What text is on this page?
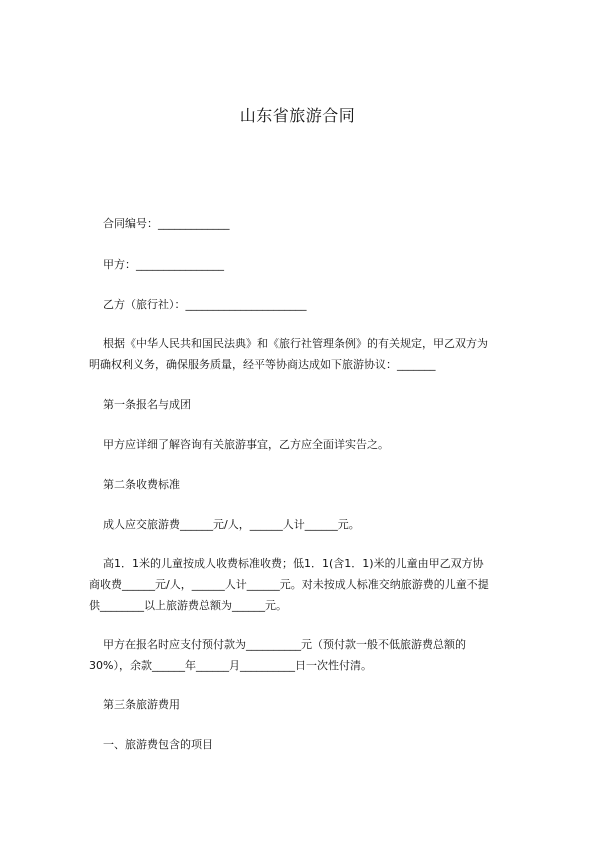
山东省旅游合同

合同编号：_____________

甲方：________________

乙方（旅行社）：______________________

根据《中华人民共和国民法典》和《旅行社管理条例》的有关规定，甲乙双方为
明确权利义务，确保服务质量，经平等协商达成如下旅游协议：_______

第一条报名与成团

甲方应详细了解咨询有关旅游事宜，乙方应全面详实告之。

第二条收费标准

成人应交旅游费______元/人，______人计______元。

高1．1米的儿童按成人收费标准收费；低1．1(含1．1)米的儿童由甲乙双方协
商收费______元/人，______人计______元。对未按成人标准交纳旅游费的儿童不提
供________以上旅游费总额为______元。
甲方在报名时应支付预付款为__________元（预付款一般不低旅游费总额的
30%），余款______年______月__________日一次性付清。

第三条旅游费用

一、旅游费包含的项目
